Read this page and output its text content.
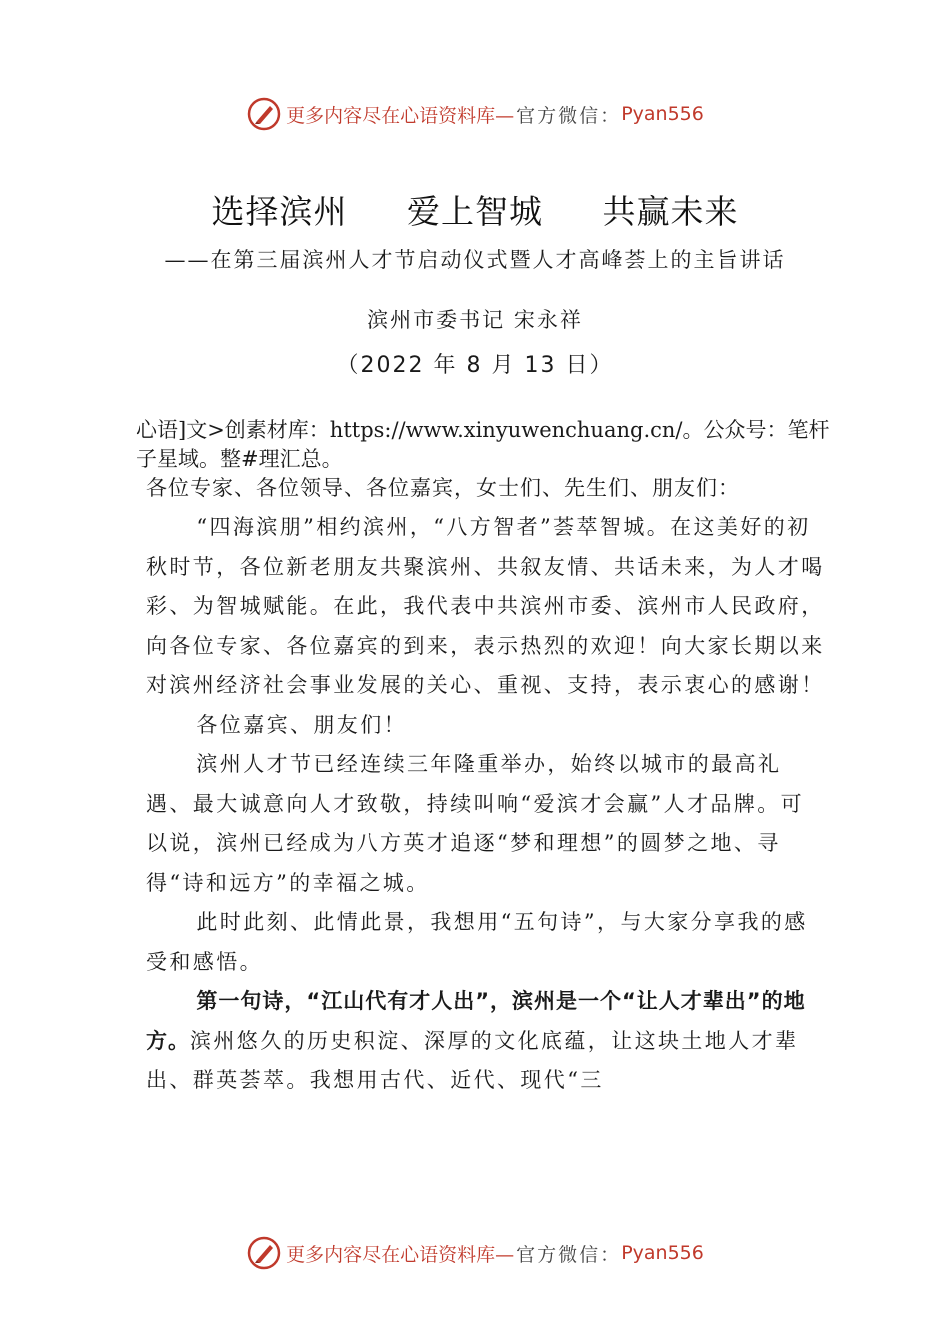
更多内容尽在心语资料库— 官方微信： Pyan556
选择滨州 爱上智城 共赢未来
——在第三届滨州人才节启动仪式暨人才高峰荟上的主旨讲话
滨州市委书记 宋永祥
（2022 年 8 月 13 日）
心语]文>创素材库：https://www.xinyuwenchuang.cn/。公众号：笔杆子星域。整#理汇总。
各位专家、各位领导、各位嘉宾，女士们、先生们、朋友们：

“四海滨朋”相约滨州，“八方智者”荟萃智城。在这美好的初秋时节，各位新老朋友共聚滨州、共叙友情、共话未来，为人才喝彩、为智城赋能。在此，我代表中共滨州市委、滨州市人民政府，向各位专家、各位嘉宾的到来，表示热烈的欢迎！向大家长期以来对滨州经济社会事业发展的关心、重视、支持，表示衷心的感谢！

各位嘉宾、朋友们！

滨州人才节已经连续三年隆重举办，始终以城市的最高礼遇、最大诚意向人才致敬，持续叫响“爱滨才会赢”人才品牌。可以说，滨州已经成为八方英才追逐“梦和理想”的圆梦之地、寻得“诗和远方”的幸福之城。

此时此刻、此情此景，我想用“五句诗”，与大家分享我的感受和感悟。

第一句诗，“江山代有才人出”，滨州是一个“让人才辈出”的地方。滨州悠久的历史积淀、深厚的文化底蕴，让这块土地人才辈出、群英荟萃。我想用古代、近代、现代“三

更多内容尽在心语资料库— 官方微信： Pyan556
